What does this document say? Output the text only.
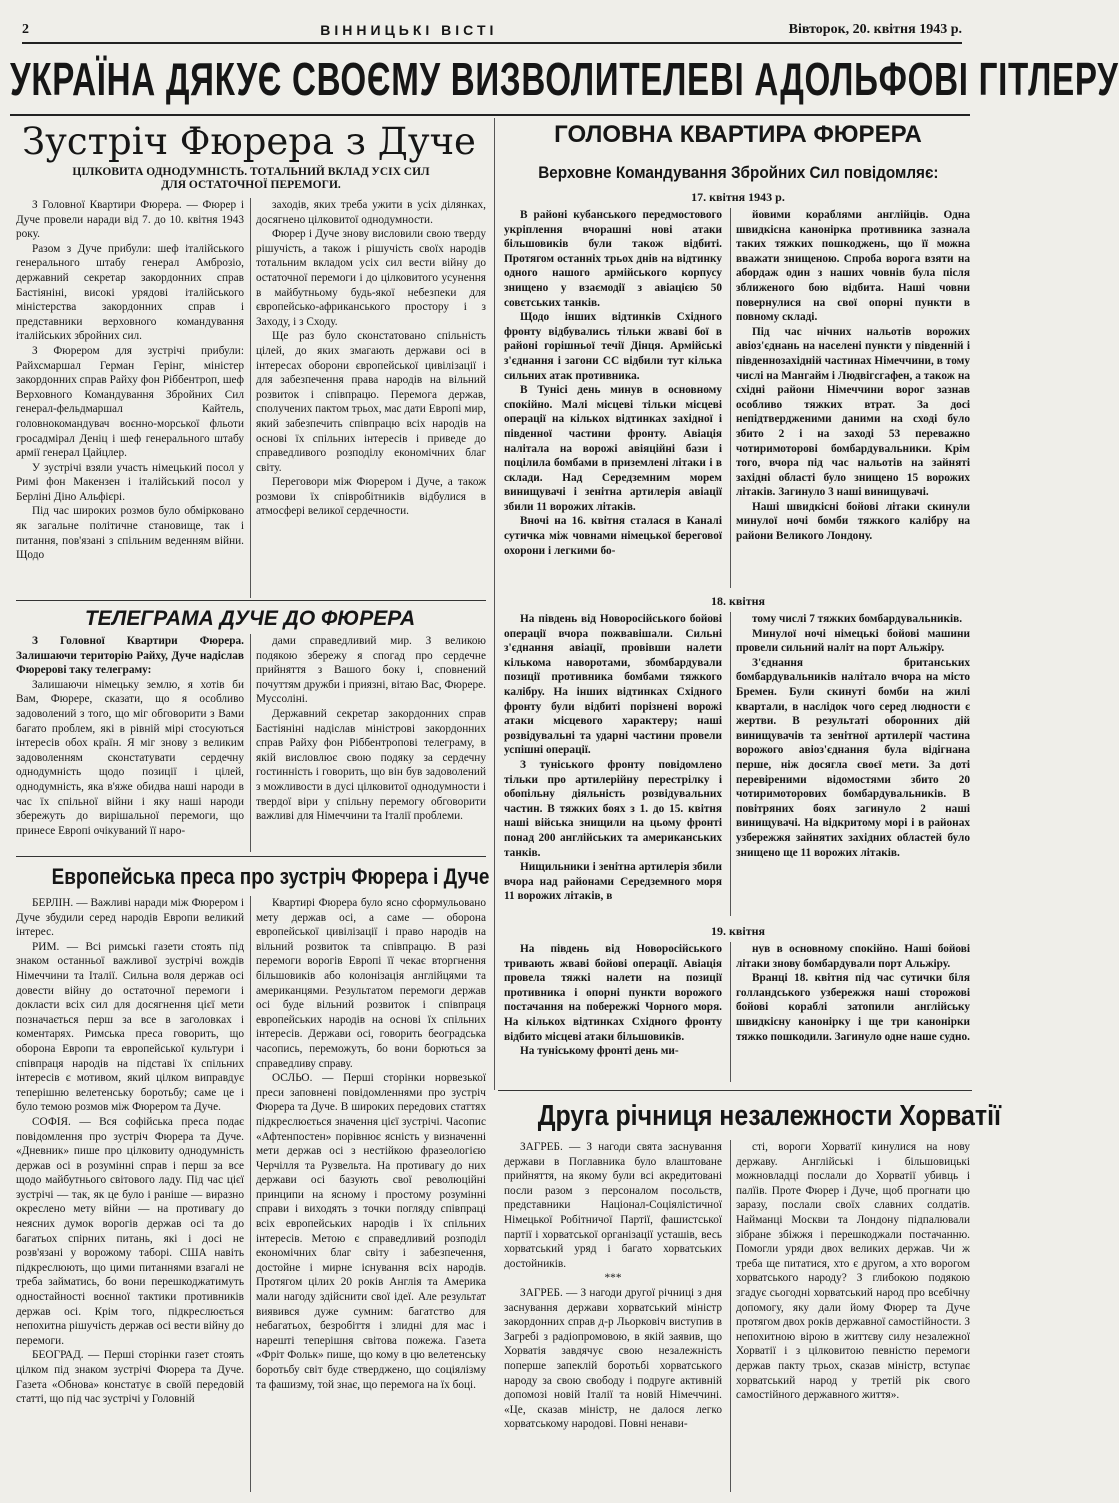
2	ВІННИЦЬКІ ВІСТІ	Вівторок, 20. квітня 1943 р.
УКРАЇНА ДЯКУЄ СВОЄМУ ВИЗВОЛИТЕЛЕВІ АДОЛЬФОВІ ГІТЛЕРУ
Зустріч Фюрера з Дуче
ЦІЛКОВИТА ОДНОДУМНІСТЬ. ТОТАЛЬНИЙ ВКЛАД УСІХ СИЛ
ДЛЯ ОСТАТОЧНОЇ ПЕРЕМОГИ.

З Головної Квартири Фюрера. — Фюрер і Дуче провели наради від 7. до 10. квітня 1943 року.

Разом з Дуче прибули: шеф італійського генерального штабу генерал Амброзіо, державний секретар закордонних справ Бастіяніні, високі урядові італійського міністерства закордонних справ і представники верховного командування італійських збройних сил.

З Фюрером для зустрічі прибули: Райхсмаршал Герман Герінг, міністер закордонних справ Райху фон Ріббентроп, шеф Верховного Командування Збройних Сил генерал-фельдмаршал Кайтель, головнокомандувач воєнно-морської фльоти гросадмірал Деніц і шеф генерального штабу армії генерал Цайцлер.

У зустрічі взяли участь німецький посол у Римі фон Макензен і італійський посол у Берліні Діно Альфієрі.

Під час широких розмов було обмірковано як загальне політичне становище, так і питання, пов'язані з спільним веденням війни. Щодо

заходів, яких треба ужити в усіх ділянках, досягнено цілковитої однодумности.

Фюрер і Дуче знову висловили свою тверду рішучість, а також і рішучість своїх народів тотальним вкладом усіх сил вести війну до остаточної перемоги і до цілковитого усунення в майбутньому будь-якої небезпеки для європейсько-африканського простору і з Заходу, і з Сходу.

Ще раз було сконстатовано спільність цілей, до яких змагають держави осі в інтересах оборони європейської цивілізації і для забезпечення права народів на вільний розвиток і співпрацю. Перемога держав, сполучених пактом трьох, мас дати Европі мир, який забезпечить співпрацю всіх народів на основі їх спільних інтересів і приведе до справедливого розподілу економічних благ світу.

Переговори між Фюрером і Дуче, а також розмови їх співробітників відбулися в атмосфері великої сердечности.

ТЕЛЕГРАМА ДУЧЕ ДО ФЮРЕРА

З Головної Квартири Фюрера. Залишаючи територію Райху, Дуче надіслав Фюрерові таку телеграму:

Залишаючи німецьку землю, я хотів би Вам, Фюрере, сказати, що я особливо задоволений з того, що міг обговорити з Вами багато проблем, які в рівній мірі стосуються інтересів обох країн. Я міг знову з великим задоволенням сконстатувати сердечну однодумність щодо позиції і цілей, однодумність, яка в'яже обидва наші народи в час їх спільної війни і яку наші народи збережуть до вирішальної перемоги, що принесе Европі очікуваний її наро-

дами справедливий мир. З великою подякою збережу я спогад про сердечне прийняття з Вашого боку і, сповнений почуттям дружби і приязні, вітаю Вас, Фюрере. Муссоліні.

Державний секретар закордонних справ Бастіяніні надіслав міністрові закордонних справ Райху фон Ріббентропові телеграму, в якій висловлює свою подяку за сердечну гостинність і говорить, що він був задоволений з можливости в дусі цілковитої однодумности і твердої віри у спільну перемогу обговорити важливі для Німеччини та Італії проблеми.

Европейська преса про зустріч Фюрера і Дуче

БЕРЛІН. — Важливі наради між Фюрером і Дуче збудили серед народів Европи великий інтерес.

РИМ. — Всі римські газети стоять під знаком останньої важливої зустрічі вождів Німеччини та Італії. Сильна воля держав осі довести війну до остаточної перемоги і докласти всіх сил для досягнення цієї мети позначається перш за все в заголовках і коментарях. Римська преса говорить, що оборона Европи та европейської культури і співпраця народів на підставі їх спільних інтересів є мотивом, який цілком виправдує теперішню велетенську боротьбу; саме це і було темою розмов між Фюрером та Дуче.

СОФІЯ. — Вся софійська преса подає повідомлення про зустріч Фюрера та Дуче. «Дневник» пише про цілковиту однодумність держав осі в розумінні справ і перш за все щодо майбутнього світового ладу. Під час цієї зустрічі — так, як це було і раніше — виразно окреслено мету війни — на противагу до неясних думок ворогів держав осі та до багатьох спірних питань, які і досі не розв'язані у ворожому таборі. США навіть підкреслюють, що цими питаннями взагалі не треба займатись, бо вони перешкоджатимуть одностайності воєнної тактики противників держав осі. Крім того, підкреслюється непохитна рішучість держав осі вести війну до перемоги.

БЕОГРАД. — Перші сторінки газет стоять цілком під знаком зустрічі Фюрера та Дуче. Газета «Обнова» констатує в своїй передовій статті, що під час зустрічі у Головній

Квартирі Фюрера було ясно сформульовано мету держав осі, а саме — оборона европейської цивілізації і право народів на вільний розвиток та співпрацю. В разі перемоги ворогів Европі її чекає вторгнення більшовиків або колонізація англійцями та американцями. Результатом перемоги держав осі буде вільний розвиток і співпраця европейських народів на основі їх спільних інтересів. Держави осі, говорить београдська часопись, переможуть, бо вони борються за справедливу справу.

ОСЛЬО. — Перші сторінки норвезької преси заповнені повідомленнями про зустріч Фюрера та Дуче. В широких передових статтях підкреслюється значення цієї зустрічі. Часопис «Афтенпостен» порівнює ясність у визначенні мети держав осі з нестійкою фразеологією Черчілля та Рузвельта. На противагу до них держави осі базують свої революційні принципи на ясному і простому розумінні справи і виходять з точки погляду співпраці всіх европейських народів і їх спільних інтересів. Метою є справедливий розподіл економічних благ світу і забезпечення, достойне і мирне існування всіх народів. Протягом цілих 20 років Англія та Америка мали нагоду здійснити свої ідеї. Але результат виявився дуже сумним: багатство для небагатьох, безробіття і злидні для мас і нарешті теперішня світова пожежа. Газета «Фріт Фольк» пише, що кому в цю велетенську боротьбу світ буде стверджено, що соціялізму та фашизму, той знає, що перемога на їх боці.

ГОЛОВНА КВАРТИРА ФЮРЕРА
Верховне Командування Збройних Сил повідомляє:
17. квітня 1943 р.

В районі кубанського передмостового укріплення вчорашні нові атаки більшовиків були також відбиті. Протягом останніх трьох днів на відтинку одного нашого армійського корпусу знищено у взаємодії з авіацією 50 совєтських танків.

Щодо інших відтинків Східного фронту відбувались тільки жваві бої в районі горішньої течії Дінця. Армійські з'єднання і загони СС відбили тут кілька сильних атак противника.

В Тунісі день минув в основному спокійно. Малі місцеві тільки місцеві операції на кількох відтинках західної і південної частини фронту. Авіація налітала на ворожі авіяційні бази і поцілила бомбами в приземлені літаки і в склади. Над Середземним морем винищувачі і зенітна артилерія авіації збили 11 ворожих літаків.

Вночі на 16. квітня сталася в Каналі сутичка між човнами німецької берегової охорони і легкими бо-

йовими кораблями англійців. Одна швидкісна канонірка противника зазнала таких тяжких пошкоджень, що її можна вважати знищеною. Спроба ворога взяти на абордаж один з наших човнів була після зближеного бою відбита. Наші човни повернулися на свої опорні пункти в повному складі.

Під час нічних нальотів ворожих авіоз'єднань на населені пункти у південній і південнозахідній частинах Німеччини, в тому числі на Мангайм і Людвігсгафен, а також на східні райони Німеччини ворог зазнав особливо тяжких втрат. За досі непідтвердженими даними на сході було збито 2 і на заході 53 переважно чотиримоторові бомбардувальники. Крім того, вчора під час нальотів на зайняті західні області було знищено 15 ворожих літаків. Загинуло 3 наші винищувачі.

Наші швидкісні бойові літаки скинули минулої ночі бомби тяжкого калібру на райони Великого Лондону.

18. квітня

На південь від Новоросійського бойові операції вчора пожвавішали. Сильні з'єднання авіації, провівши налети кількома наворотами, збомбардували позиції противника бомбами тяжкого калібру. На інших відтинках Східного фронту були відбиті порізнені ворожі атаки місцевого характеру; наші розвідувальні та ударні частини провели успішні операції.

З туніського фронту повідомлено тільки про артилерійну перестрілку і обопільну діяльність розвідувальних частин. В тяжких боях з 1. до 15. квітня наші війська знищили на цьому фронті понад 200 англійських та американських танків.

Нищильники і зенітна артилерія збили вчора над районами Середземного моря 11 ворожих літаків, в

тому числі 7 тяжких бомбардувальників.

Минулої ночі німецькі бойові машини провели сильний наліт на порт Альжіру.

З'єднання британських бомбардувальників налітало вчора на місто Бремен. Були скинуті бомби на жилі квартали, в наслідок чого серед людности є жертви. В результаті оборонних дій винищувачів та зенітної артилерії частина ворожого авіоз'єднання була відігнана перше, ніж досягла своєї мети. За доті перевіреними відомостями збито 20 чотиримоторових бомбардувальників. В повітряних боях загинуло 2 наші винищувачі. На відкритому морі і в районах узбережжя зайнятих західних областей було знищено ще 11 ворожих літаків.

19. квітня

На південь від Новоросійського тривають жваві бойові операції. Авіація провела тяжкі налети на позиції противника і опорні пункти ворожого постачання на побережжі Чорного моря. На кількох відтинках Східного фронту відбито місцеві атаки більшовиків.

На туніському фронті день ми-

нув в основному спокійно. Наші бойові літаки знову бомбардували порт Альжіру.

Вранці 18. квітня під час сутички біля голландського узбережжя наші сторожові бойові кораблі затопили англійську швидкісну канонірку і ще три канонірки тяжко пошкодили. Загинуло одне наше судно.

Друга річниця незалежности Хорватії

ЗАГРЕБ. — З нагоди свята заснування держави в Поглавника було влаштоване прийняття, на якому були всі акредитовані посли разом з персоналом посольств, представники Націонал-Соціялістичної Німецької Робітничої Партії, фашистської партії і хорватської організації усташів, весь хорватський уряд і багато хорватських достойників.

***

ЗАГРЕБ. — З нагоди другої річниці з дня заснування держави хорватський міністр закордонних справ д-р Льорковіч виступив в Загребі з радіопромовою, в якій заявив, що Хорватія завдячує свою незалежність поперше запеклій боротьбі хорватського народу за свою свободу і подруге активній допомозі новій Італії та новій Німеччині. «Це, сказав міністр, не далося легко хорватському народові. Повні ненави-

сті, вороги Хорватії кинулися на нову державу. Англійські і більшовицькі можновладці послали до Хорватії убивць і палїів. Проте Фюрер і Дуче, щоб прогнати цю заразу, послали своїх славних солдатів. Найманці Москви та Лондону підпалювали зібране збіжжя і перешкоджали постачанню. Помогли уряди двох великих держав. Чи ж треба ще питатися, хто є другом, а хто ворогом хорватського народу? З глибокою подякою згадує сьогодні хорватський народ про всебічну допомогу, яку дали йому Фюрер та Дуче протягом двох років державної самостійности. З непохитною вірою в життєву силу незалежної Хорватії і з цілковитою певністю перемоги держав пакту трьох, сказав міністр, вступає хорватський народ у третій рік свого самостійного державного життя».
